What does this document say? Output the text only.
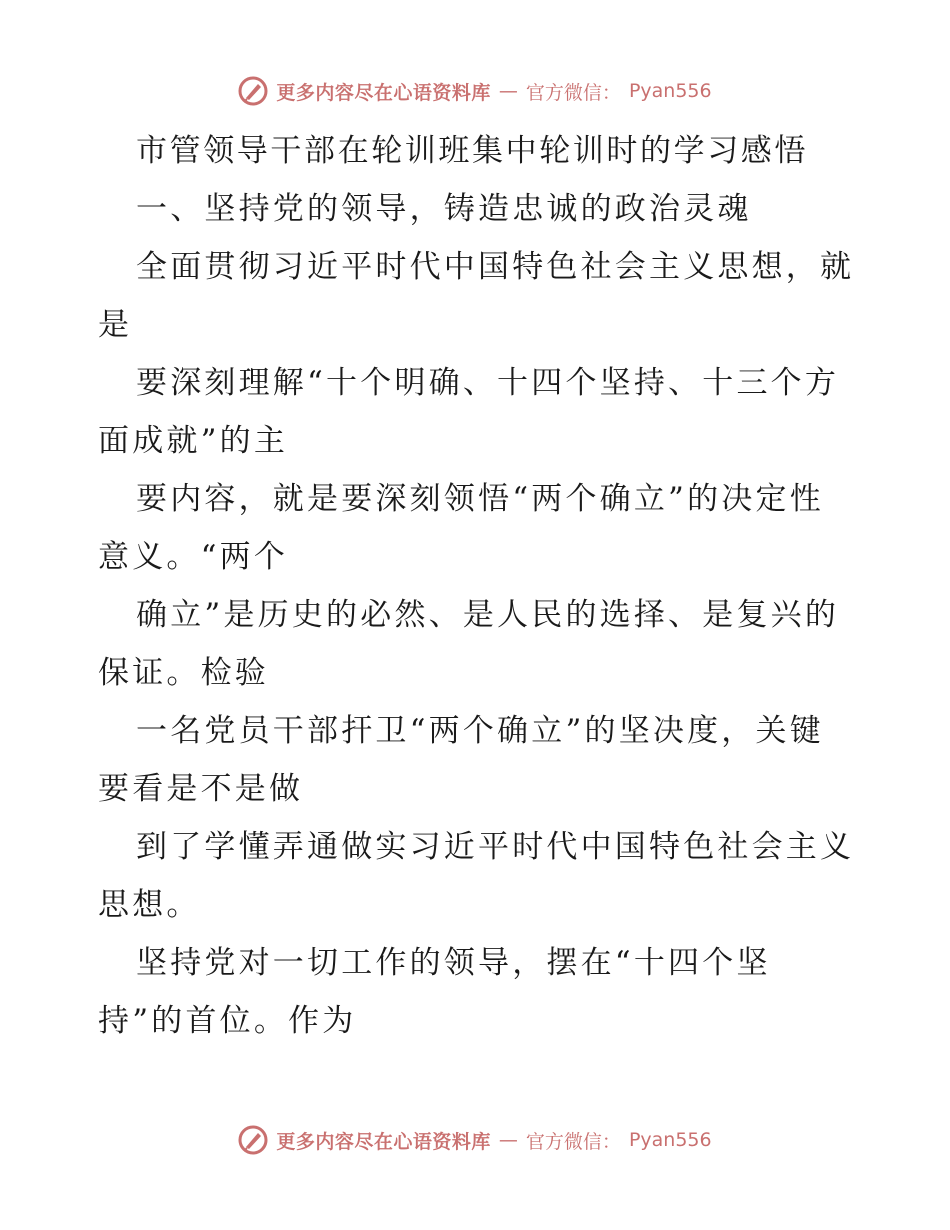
更多内容尽在心语资料库 — 官方微信： Pyan556
市管领导干部在轮训班集中轮训时的学习感悟
一、坚持党的领导，铸造忠诚的政治灵魂
全面贯彻习近平时代中国特色社会主义思想，就
是
要深刻理解“十个明确、十四个坚持、十三个方
面成就”的主
要内容，就是要深刻领悟“两个确立”的决定性
意义。“两个
确立”是历史的必然、是人民的选择、是复兴的
保证。检验
一名党员干部扞卫“两个确立”的坚决度，关键
要看是不是做
到了学懂弄通做实习近平时代中国特色社会主义
思想。
坚持党对一切工作的领导，摆在“十四个坚
持”的首位。作为
更多内容尽在心语资料库 — 官方微信： Pyan556
